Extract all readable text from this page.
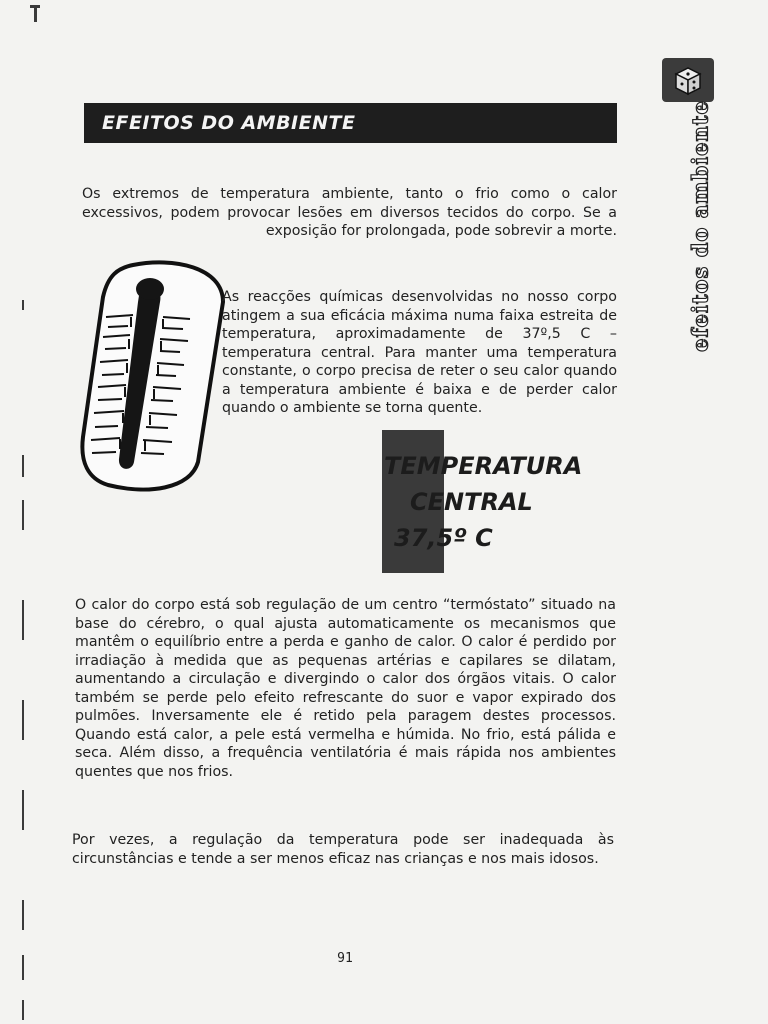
EFEITOS DO AMBIENTE	efeitos do ambiente

Os extremos de temperatura ambiente, tanto o frio como o calor excessivos, podem provocar lesões em diversos tecidos do corpo. Se a exposição for prolongada, pode sobrevir a morte.

As reacções químicas desenvolvidas no nosso corpo atingem a sua eficácia máxima numa faixa estreita de temperatura, aproximadamente de 37º,5 C – temperatura central. Para manter uma temperatura constante, o corpo precisa de reter o seu calor quando a temperatura ambiente é baixa e de perder calor quando o ambiente se torna quente.

TEMPERATURA
CENTRAL
37,5º C

O calor do corpo está sob regulação de um centro “termóstato” situado na base do cérebro, o qual ajusta automaticamente os mecanismos que mantêm o equilíbrio entre a perda e ganho de calor. O calor é perdido por irradiação à medida que as pequenas artérias e capilares se dilatam, aumentando a circulação e divergindo o calor dos órgãos vitais. O calor também se perde pelo efeito refrescante do suor e vapor expirado dos pulmões. Inversamente ele é retido pela paragem destes processos. Quando está calor, a pele está vermelha e húmida. No frio, está pálida e seca. Além disso, a frequência ventilatória é mais rápida nos ambientes quentes que nos frios.

Por vezes, a regulação da temperatura pode ser inadequada às circunstâncias e tende a ser menos eficaz nas crianças e nos mais idosos.

91
